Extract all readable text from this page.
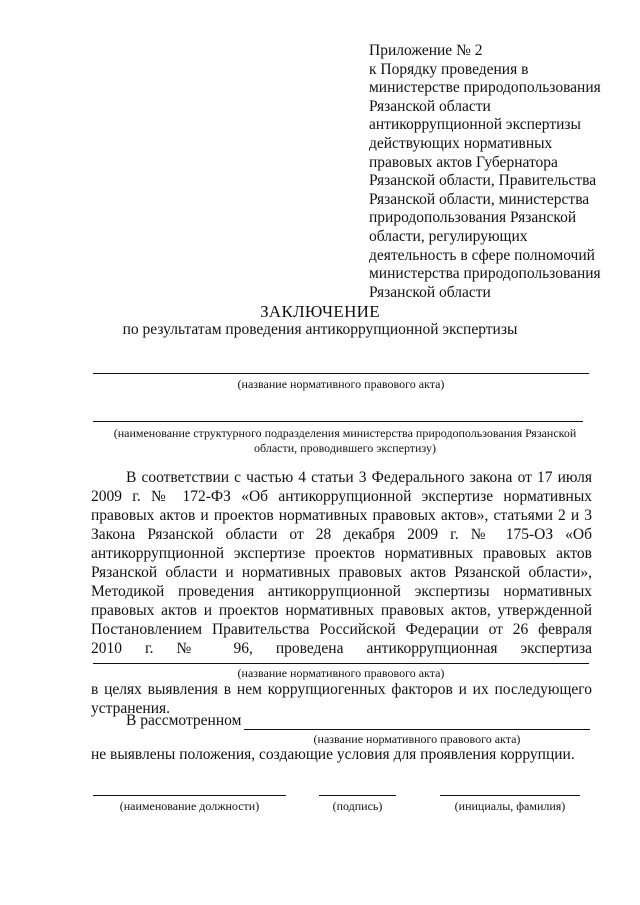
Приложение № 2
к Порядку проведения в
министерстве природопользования
Рязанской области
антикоррупционной экспертизы
действующих нормативных
правовых актов Губернатора
Рязанской области, Правительства
Рязанской области, министерства
природопользования Рязанской
области, регулирующих
деятельность в сфере полномочий
министерства природопользования
Рязанской области
ЗАКЛЮЧЕНИЕ
по результатам проведения антикоррупционной экспертизы
(название нормативного правового акта)
(наименование структурного подразделения министерства природопользования Рязанской
области, проводившего экспертизу)
В соответствии с частью 4 статьи 3 Федерального закона от 17 июля
2009 г. № 172-ФЗ «Об антикоррупционной экспертизе нормативных
правовых актов и проектов нормативных правовых актов», статьями 2 и 3
Закона Рязанской области от 28 декабря 2009 г. № 175-ОЗ «Об
антикоррупционной экспертизе проектов нормативных правовых актов
Рязанской области и нормативных правовых актов Рязанской области»,
Методикой проведения антикоррупционной экспертизы нормативных
правовых актов и проектов нормативных правовых актов, утвержденной
Постановлением Правительства Российской Федерации от 26 февраля
2010 г. № 96, проведена антикоррупционная экспертиза
(название нормативного правового акта)
в целях выявления в нем коррупциогенных факторов и их последующего
устранения.
В рассмотренном
(название нормативного правового акта)
не выявлены положения, создающие условия для проявления коррупции.
(наименование должности)	(подпись)	(инициалы, фамилия)
